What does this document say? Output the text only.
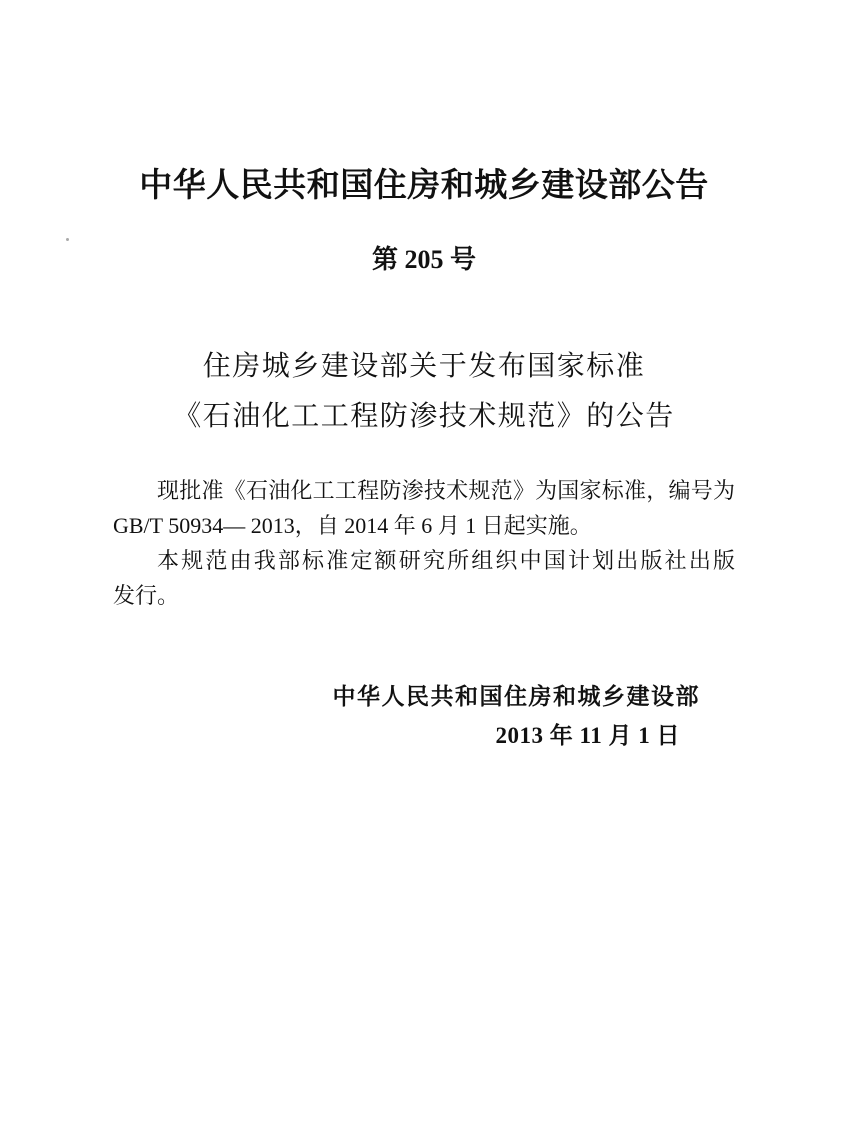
中华人民共和国住房和城乡建设部公告
第 205 号
住房城乡建设部关于发布国家标准
《石油化工工程防渗技术规范》的公告
现批准《石油化工工程防渗技术规范》为国家标准，编号为
GB/T 50934— 2013，自 2014 年 6 月 1 日起实施。
本规范由我部标准定额研究所组织中国计划出版社出版
发行。
中华人民共和国住房和城乡建设部
2013 年 11 月 1 日
